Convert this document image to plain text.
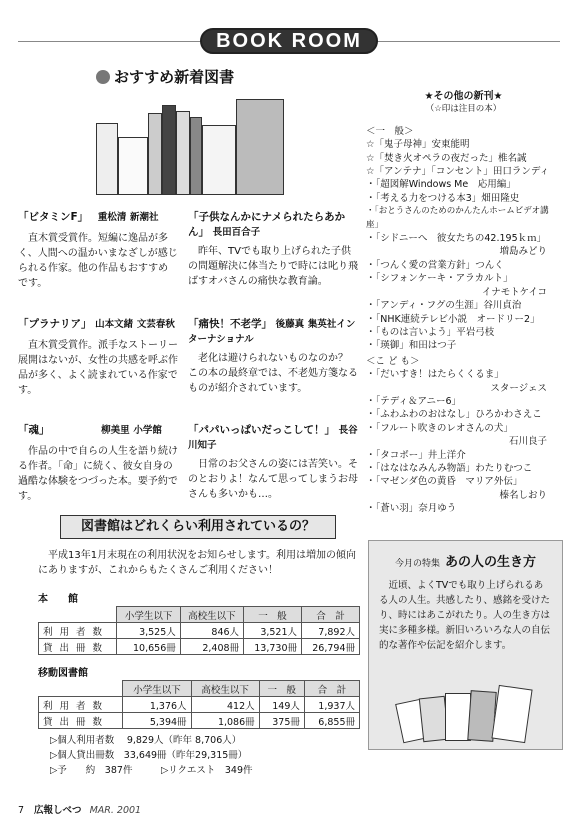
BOOK ROOM
おすすめ新着図書
「ビタミンF」 重松清 新潮社
直木賞受賞作。短編に逸品が多く、人間への温かいまなざしが感じられる作家。他の作品もおすすめです。
「プラナリア」 山本文緒 文芸春秋
直木賞受賞作。派手なストーリー展開はないが、女性の共感を呼ぶ作品が多く、よく読まれている作家です。
「魂」	柳美里 小学館
作品の中で自らの人生を語り続ける作者。「命」に続く、彼女自身の過酷な体験をつづった本。要予約です。
「子供なんかにナメられたらあかん」 長田百合子
昨年、TVでも取り上げられた子供の問題解決に体当たりで時には叱り飛ばすオバさんの痛快な教育論。
「痛快！不老学」 後藤真 集英社インターナショナル
老化は避けられないものなのか？　この本の最終章では、不老処方箋なるものが紹介されています。
「パパいっぱいだっこして！」 長谷川知子
日常のお父さんの姿には苦笑い。そのとおりよ！なんて思ってしまうお母さんも多いかも…。
★その他の新刊★
（☆印は注目の本）
＜一　般＞
☆「鬼子母神」安東能明
☆「焚き火オペラの夜だった」椎名誠
☆「アンテナ」「コンセント」田口ランディ
・「超図解Windows Me　応用編」
・「考える力をつける本3」畑田隆史
・「おとうさんのためのかんたんホームビデオ講座」
・「シドニーへ　彼女たちの42.195ｋｍ」
増島みどり
・「つんく愛の営業方針」つんく
・「シフォンケーキ・アラカルト」
イナモトケイコ
・「アンディ・フグの生涯」谷川貞治
・「NHK連続テレビ小説　オードリー2」
・「ものは言いよう」平岩弓枝
・「瑛御」和田はつ子
＜こ ど も＞
・「だいすき！はたらくくるま」
スタージェス
・「テディ＆アニー6」
・「ふわふわのおはなし」ひろかわさえこ
・「フルート吹きのレオさんの犬」
石川良子
・「タコボー」井上洋介
・「はなはなみんみ物語」わたりむつこ
・「マゼンダ色の黄昏　マリア外伝」
榛名しおり
・「蒼い羽」奈月ゆう
図書館はどれくらい利用されているの？
平成13年1月末現在の利用状況をお知らせします。利用は増加の傾向にありますが、これからもたくさんご利用ください！
本　　館
	小学生以下	高校生以下	一　般	合　計
利 用 者 数	3,525人	846人	3,521人	7,892人
貸 出 冊 数	10,656冊	2,408冊	13,730冊	26,794冊
移動図書館
	小学生以下	高校生以下	一　般	合　計
利 用 者 数	1,376人	412人	149人	1,937人
貸 出 冊 数	5,394冊	1,086冊	375冊	6,855冊
▷個人利用者数　 9,829人（昨年 8,706人）
▷個人貸出冊数　33,649冊（昨年29,315冊）
▷予　　約　387件　　　▷リクエスト　349件
今月の特集 あの人の生き方
近頃、よくTVでも取り上げられるある人の人生。共感したり、感銘を受けたり、時にはあこがれたり。人の生き方は実に多種多様。新旧いろいろな人の自伝的な著作や伝記を紹介します。
7 広報しべつ MAR. 2001
